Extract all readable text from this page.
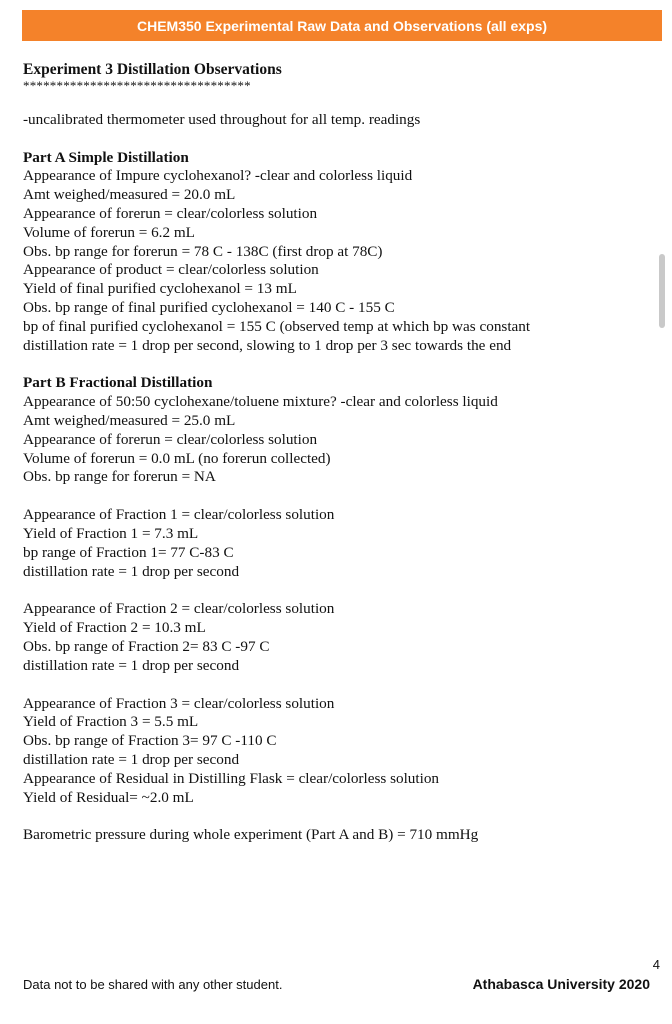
CHEM350 Experimental Raw Data and Observations (all exps)
Experiment 3 Distillation Observations
**********************************
-uncalibrated thermometer used throughout for all temp. readings
Part A Simple Distillation
Appearance of Impure cyclohexanol? -clear and colorless liquid
Amt weighed/measured = 20.0 mL
Appearance of forerun = clear/colorless solution
Volume of forerun = 6.2 mL
Obs. bp range for forerun = 78 C - 138C (first drop at 78C)
Appearance of product = clear/colorless solution
Yield of final purified cyclohexanol = 13 mL
Obs. bp range of final purified cyclohexanol = 140 C - 155 C
bp of final purified cyclohexanol = 155 C (observed temp at which bp was constant
distillation rate = 1 drop per second, slowing to 1 drop per 3 sec towards the end
Part B Fractional Distillation
Appearance of 50:50 cyclohexane/toluene mixture? -clear and colorless liquid
Amt weighed/measured = 25.0 mL
Appearance of forerun = clear/colorless solution
Volume of forerun = 0.0 mL (no forerun collected)
Obs. bp range for forerun = NA
Appearance of Fraction 1 = clear/colorless solution
Yield of Fraction 1 = 7.3 mL
bp range of Fraction 1= 77 C-83 C
distillation rate = 1 drop per second
Appearance of Fraction 2 = clear/colorless solution
Yield of Fraction 2 = 10.3 mL
Obs. bp range of Fraction 2= 83 C -97 C
distillation rate = 1 drop per second
Appearance of Fraction 3 = clear/colorless solution
Yield of Fraction 3 = 5.5 mL
Obs. bp range of Fraction 3= 97 C -110 C
distillation rate = 1 drop per second
Appearance of Residual in Distilling Flask = clear/colorless solution
Yield of Residual= ~2.0 mL
Barometric pressure during whole experiment (Part A and B) = 710 mmHg
4
Data not to be shared with any other student.	Athabasca University 2020
